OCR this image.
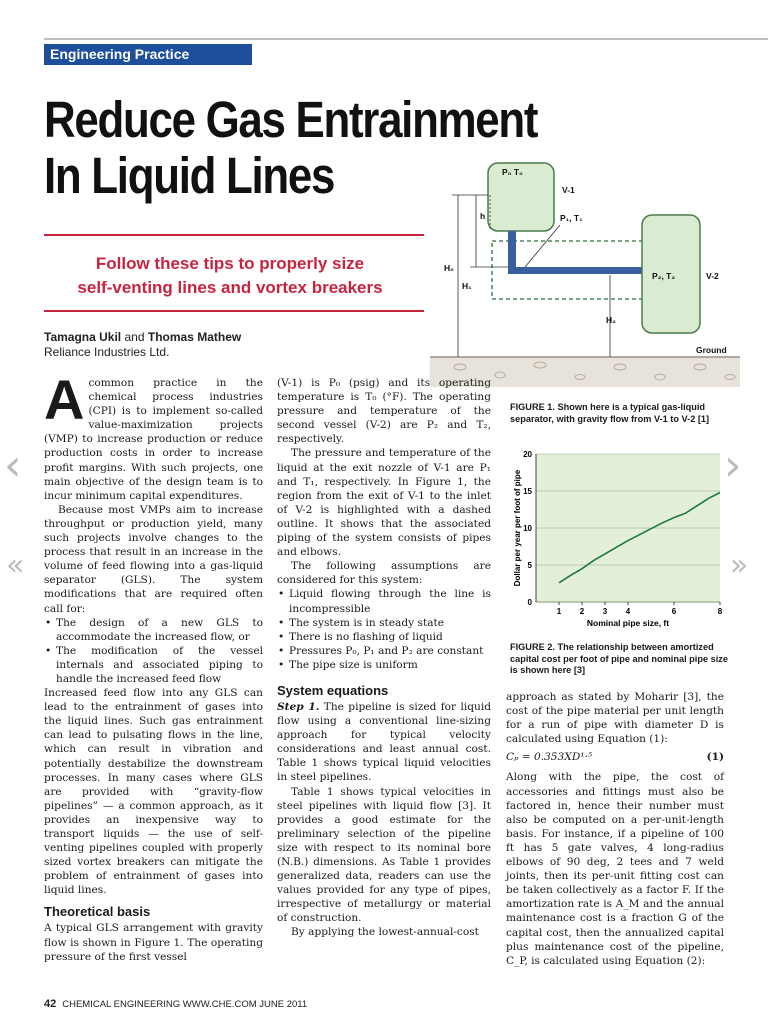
Engineering Practice
Reduce Gas Entrainment
In Liquid Lines
Follow these tips to properly size
self-venting lines and vortex breakers
Tamagna Ukil and Thomas Mathew
Reliance Industries Ltd.
P₀ T₀
V-1
P₁, T₁
h
H₀
H₁
H₂
P₂, T₂	V-2
Ground
FIGURE 1. Shown here is a typical gas-liquid separator, with gravity flow from V-1 to V-2 [1]
0
5
10
15
20
1 2 3 4	6	8
Dollar per year per foot of pipe
Nominal pipe size, ft
FIGURE 2. The relationship between amortized capital cost per foot of pipe and nominal pipe size is shown here [3]

Acommon practice in the chemical process industries (CPI) is to implement so-called value-maximization projects (VMP) to increase production or reduce production costs in order to increase profit margins. With such projects, one main objective of the design team is to incur minimum capital expenditures.

Because most VMPs aim to increase throughput or production yield, many such projects involve changes to the process that result in an increase in the volume of feed flowing into a gas-liquid separator (GLS). The system modifications that are required often call for:

• The design of a new GLS to accommodate the increased flow, or
• The modification of the vessel internals and associated piping to handle the increased feed flow

Increased feed flow into any GLS can lead to the entrainment of gases into the liquid lines. Such gas entrainment can lead to pulsating flows in the line, which can result in vibration and potentially destabilize the downstream processes. In many cases where GLS are provided with “gravity-flow pipelines” — a common approach, as it provides an inexpensive way to transport liquids — the use of self-venting pipelines coupled with properly sized vortex breakers can mitigate the problem of entrainment of gases into liquid lines.

Theoretical basis

A typical GLS arrangement with gravity flow is shown in Figure 1. The operating pressure of the first vessel

(V-1) is P₀ (psig) and its operating temperature is T₀ (°F). The operating pressure and temperature of the second vessel (V-2) are P₂ and T₂, respectively.

The pressure and temperature of the liquid at the exit nozzle of V-1 are P₁ and T₁, respectively. In Figure 1, the region from the exit of V-1 to the inlet of V-2 is highlighted with a dashed outline. It shows that the associated piping of the system consists of pipes and elbows.

The following assumptions are considered for this system:

• Liquid flowing through the line is incompressible
• The system is in steady state
• There is no flashing of liquid
• Pressures P₀, P₁ and P₂ are constant
• The pipe size is uniform
System equations

Step 1. The pipeline is sized for liquid flow using a conventional line-sizing approach for typical velocity considerations and least annual cost. Table 1 shows typical liquid velocities in steel pipelines.

Table 1 shows typical velocities in steel pipelines with liquid flow [3]. It provides a good estimate for the preliminary selection of the pipeline size with respect to its nominal bore (N.B.) dimensions. As Table 1 provides generalized data, readers can use the values provided for any type of pipes, irrespective of metallurgy or material of construction.

By applying the lowest-annual-cost

approach as stated by Moharir [3], the cost of the pipe material per unit length for a run of pipe with diameter D is calculated using Equation (1):

Cₚ = 0.353XD¹·⁵	(1)

Along with the pipe, the cost of accessories and fittings must also be factored in, hence their number must also be computed on a per-unit-length basis. For instance, if a pipeline of 100 ft has 5 gate valves, 4 long-radius elbows of 90 deg, 2 tees and 7 weld joints, then its per-unit fitting cost can be taken collectively as a factor F. If the amortization rate is A_M and the annual maintenance cost is a fraction G of the capital cost, then the annualized capital plus maintenance cost of the pipeline, C_P, is calculated using Equation (2):

42 CHEMICAL ENGINEERING WWW.CHE.COM JUNE 2011
‹	›
«	»
